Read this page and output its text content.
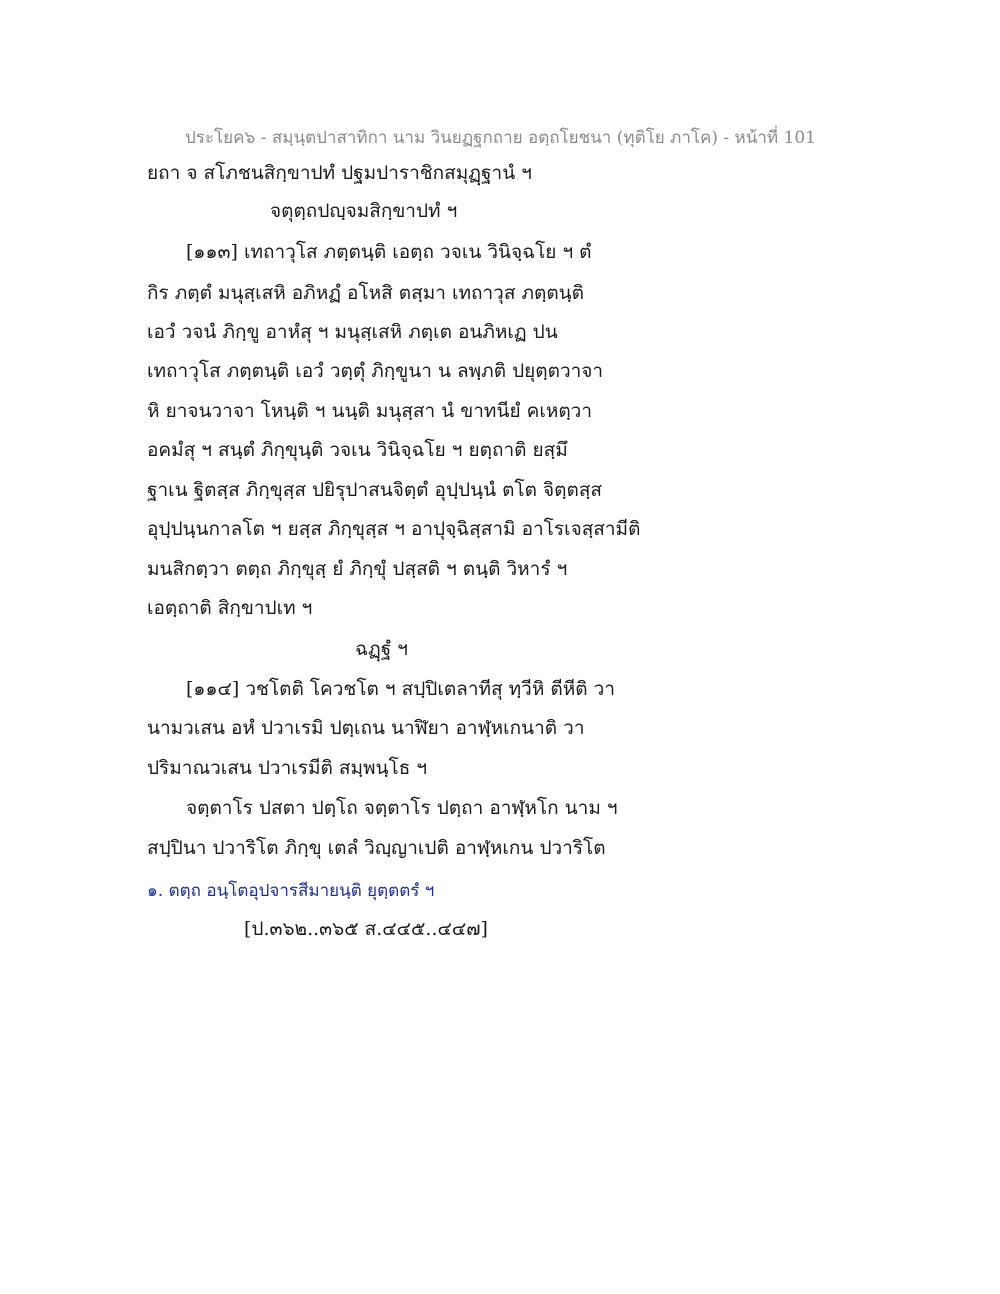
ประโยค๖ - สมฺนฺตปาสาทิกา นาม วินยฏฐกถาย อตฺถโยชนา (ทุติโย ภาโค) - หน้าที่ 101
ยถา จ สโภชนสิกฺขาปทํ ปฐมปาราชิกสมุฏฺฐานํ ฯ
จตุตฺถปญฺจมสิกฺขาปทํ ฯ
[๑๑๓] เทถาวุโส ภตฺตนฺติ เอตฺถ วจเน วินิจฺฉโย ฯ ตํ
กิร ภตฺตํ มนุสฺเสหิ อภิหฏํ อโหสิ ตสฺมา เทถาวุส ภตฺตนฺติ
เอวํ วจนํ ภิกฺขู อาหํสุ ฯ มนุสฺเสหิ ภตฺเต อนภิหเฏ ปน
เทถาวุโส ภตฺตนฺติ เอวํ วตฺตุํ ภิกฺขูนา น ลพฺภติ ปยุตฺตวาจา
หิ ยาจนวาจา โหนฺติ ฯ นนฺติ มนุสฺสา นํ ขาทนียํ คเหตฺวา
อคมํสุ ฯ สนฺตํ ภิกฺขุนฺติ วจเน วินิจฺฉโย ฯ ยตฺถาติ ยสฺมึ
ฐาเน ฐิตสฺส ภิกฺขุสฺส ปยิรุปาสนจิตฺตํ อุปฺปนฺนํ ตโต จิตฺตสฺส
อุปฺปนฺนกาลโต ฯ ยสฺส ภิกฺขุสฺส ฯ อาปุจฺฉิสฺสามิ อาโรเจสฺสามีติ
มนสิกตฺวา ตตฺถ ภิกฺขุสฺ ยํ ภิกฺขุํ ปสฺสติ ฯ ตนฺติ วิหารํ ฯ
เอตฺถาติ สิกฺขาปเท ฯ
ฉฏฺฐํ ฯ
[๑๑๔] วชโตติ โควชโต ฯ สปฺปิเตลาทีสุ ทฺวีหิ ตีหีติ วา
นามวเสน อหํ ปวาเรมิ ปตฺเถน นาฬิยา อาฬฺหเกนาติ วา
ปริมาณวเสน ปวาเรมีติ สมฺพนฺโธ ฯ
จตฺตาโร ปสตา ปตฺโถ จตฺตาโร ปตฺถา อาฬฺหโก นาม ฯ
สปฺปินา ปวาริโต ภิกฺขุ เตลํ วิญฺญาเปติ อาฬฺหเกน ปวาริโต
๑. ตตฺถ อนฺโตอุปจารสีมายนฺติ ยุตฺตตรํ ฯ
[ป.๓๖๒..๓๖๕ ส.๔๔๕..๔๔๗]
